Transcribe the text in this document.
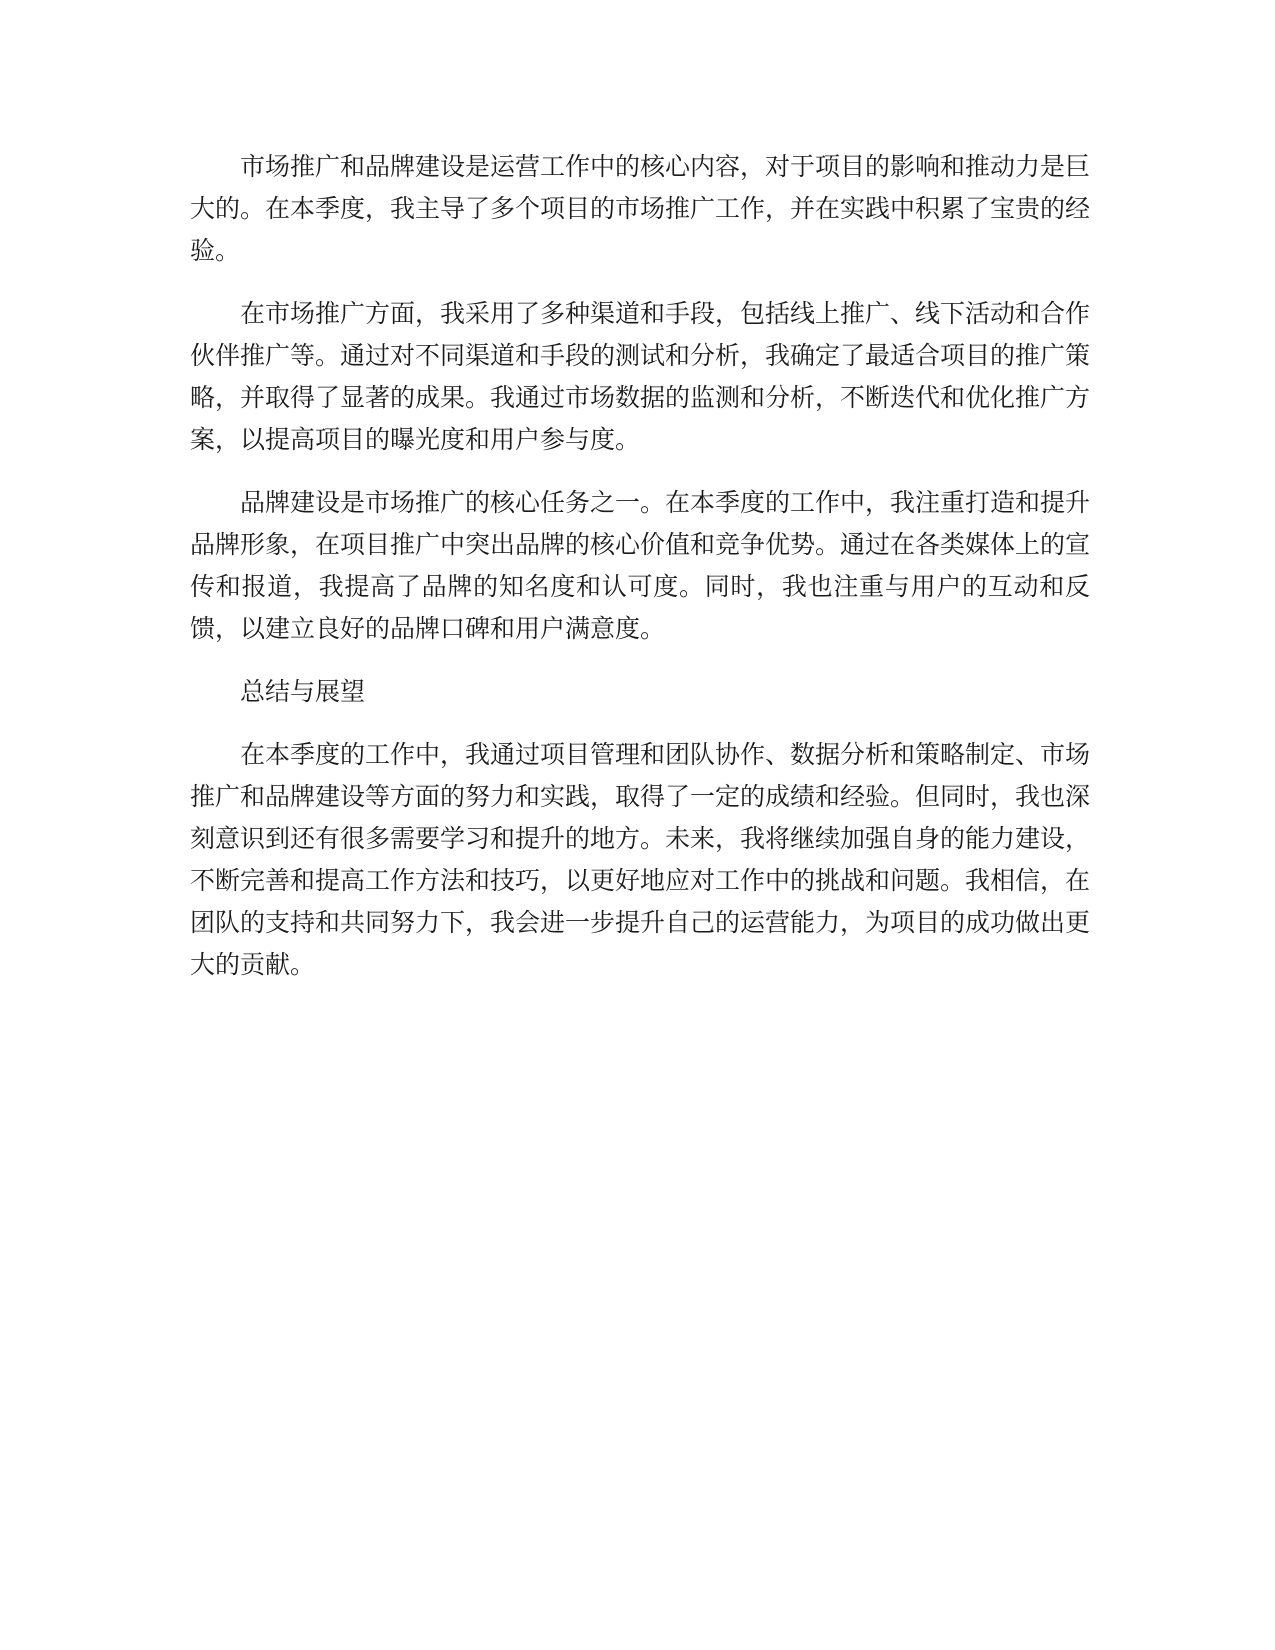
市场推广和品牌建设是运营工作中的核心内容，对于项目的影响和推动力是巨大的。在本季度，我主导了多个项目的市场推广工作，并在实践中积累了宝贵的经验。

在市场推广方面，我采用了多种渠道和手段，包括线上推广、线下活动和合作伙伴推广等。通过对不同渠道和手段的测试和分析，我确定了最适合项目的推广策略，并取得了显著的成果。我通过市场数据的监测和分析，不断迭代和优化推广方案，以提高项目的曝光度和用户参与度。

品牌建设是市场推广的核心任务之一。在本季度的工作中，我注重打造和提升品牌形象，在项目推广中突出品牌的核心价值和竞争优势。通过在各类媒体上的宣传和报道，我提高了品牌的知名度和认可度。同时，我也注重与用户的互动和反馈，以建立良好的品牌口碑和用户满意度。

总结与展望

在本季度的工作中，我通过项目管理和团队协作、数据分析和策略制定、市场推广和品牌建设等方面的努力和实践，取得了一定的成绩和经验。但同时，我也深刻意识到还有很多需要学习和提升的地方。未来，我将继续加强自身的能力建设，不断完善和提高工作方法和技巧，以更好地应对工作中的挑战和问题。我相信，在团队的支持和共同努力下，我会进一步提升自己的运营能力，为项目的成功做出更大的贡献。
